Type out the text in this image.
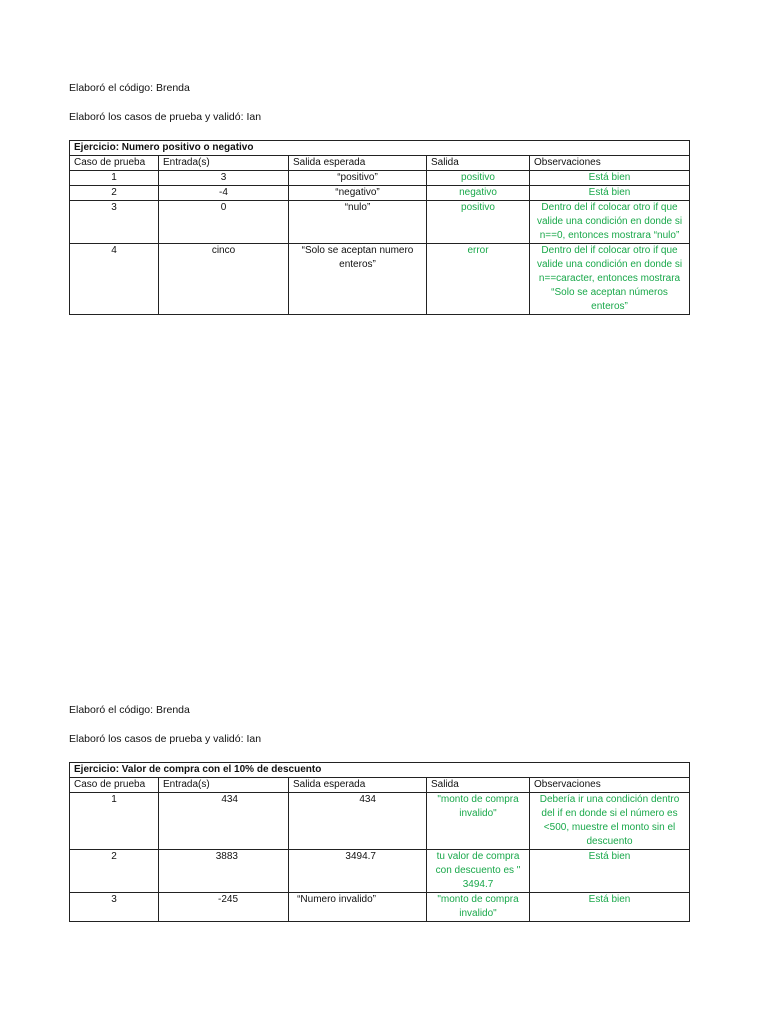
Elaboró el código: Brenda

Elaboró los casos de prueba y validó: Ian

Ejercicio: Numero positivo o negativo				
Caso de prueba	Entrada(s)	Salida esperada	Salida	Observaciones
1	3	“positivo”	positivo	Está bien
2	-4	“negativo”	negativo	Está bien
3	0	“nulo”	positivo	Dentro del if colocar otro if que valide una condición en donde si n==0, entonces mostrara “nulo”
4	cinco	“Solo se aceptan numero enteros”	error	Dentro del if colocar otro if que valide una condición en donde si n==caracter, entonces mostrara “Solo se aceptan números enteros”

Elaboró el código: Brenda

Elaboró los casos de prueba y validó: Ian

Ejercicio: Valor de compra con el 10% de descuento				
Caso de prueba	Entrada(s)	Salida esperada	Salida	Observaciones
1	434	434	"monto de compra invalido"	Debería ir una condición dentro del if en donde si el número es <500, muestre el monto sin el descuento
2	3883	3494.7	tu valor de compra con descuento es " 3494.7	Está bien
3	-245	“Numero invalido”	"monto de compra invalido"	Está bien
